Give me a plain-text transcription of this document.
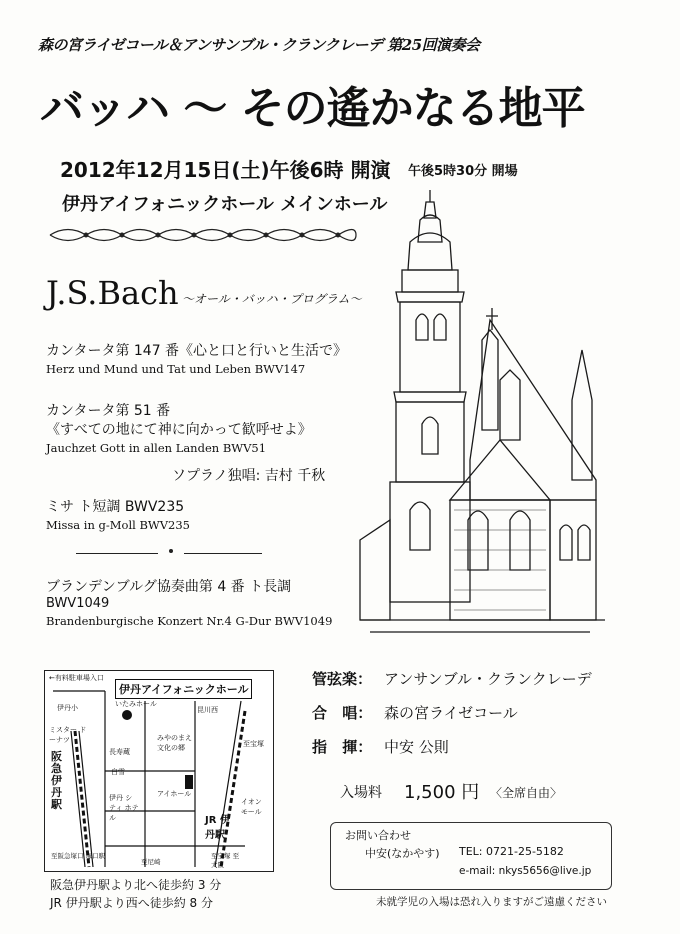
森の宮ライゼコール＆アンサンブル・クランクレーデ 第25回演奏会
バッハ ～ その遙かなる地平
2012年12月15日(土)午後6時 開演 午後5時30分 開場
伊丹アイフォニックホール メインホール
J.S.Bach ～オール・バッハ・プログラム～
カンタータ第 147 番《心と口と行いと生活で》
Herz und Mund und Tat und Leben BWV147
カンタータ第 51 番
《すべての地にて神に向かって歓呼せよ》
Jauchzet Gott in allen Landen BWV51
ソプラノ独唱: 吉村 千秋
ミサ ト短調 BWV235
Missa in g-Moll BWV235
ブランデンブルグ協奏曲第 4 番 ト長調
BWV1049
Brandenburgische Konzert Nr.4 G-Dur BWV1049
←有料駐車場入口
伊丹アイフォニックホール
いたみホール
伊丹小
ミスター ドーナツ
阪急伊丹駅
昆川西
みやのまえ 文化の郷
長寿蔵
白雪
伊丹 シティ ホテル
アイホール
JR 伊丹駅
イオン モール
至宝塚
至阪急塚口 塚口駅
至尼崎
至宝塚 至大阪
阪急伊丹駅より北へ徒歩約 3 分
JR 伊丹駅より西へ徒歩約 8 分
管弦楽： アンサンブル・クランクレーデ
合 唱： 森の宮ライゼコール
指 揮： 中安 公則
入場料 1,500 円 〈全席自由〉
お問い合わせ
中安(なかやす) TEL: 0721-25-5182
e-mail: nkys5656@live.jp
未就学児の入場は恐れ入りますがご遠慮ください
